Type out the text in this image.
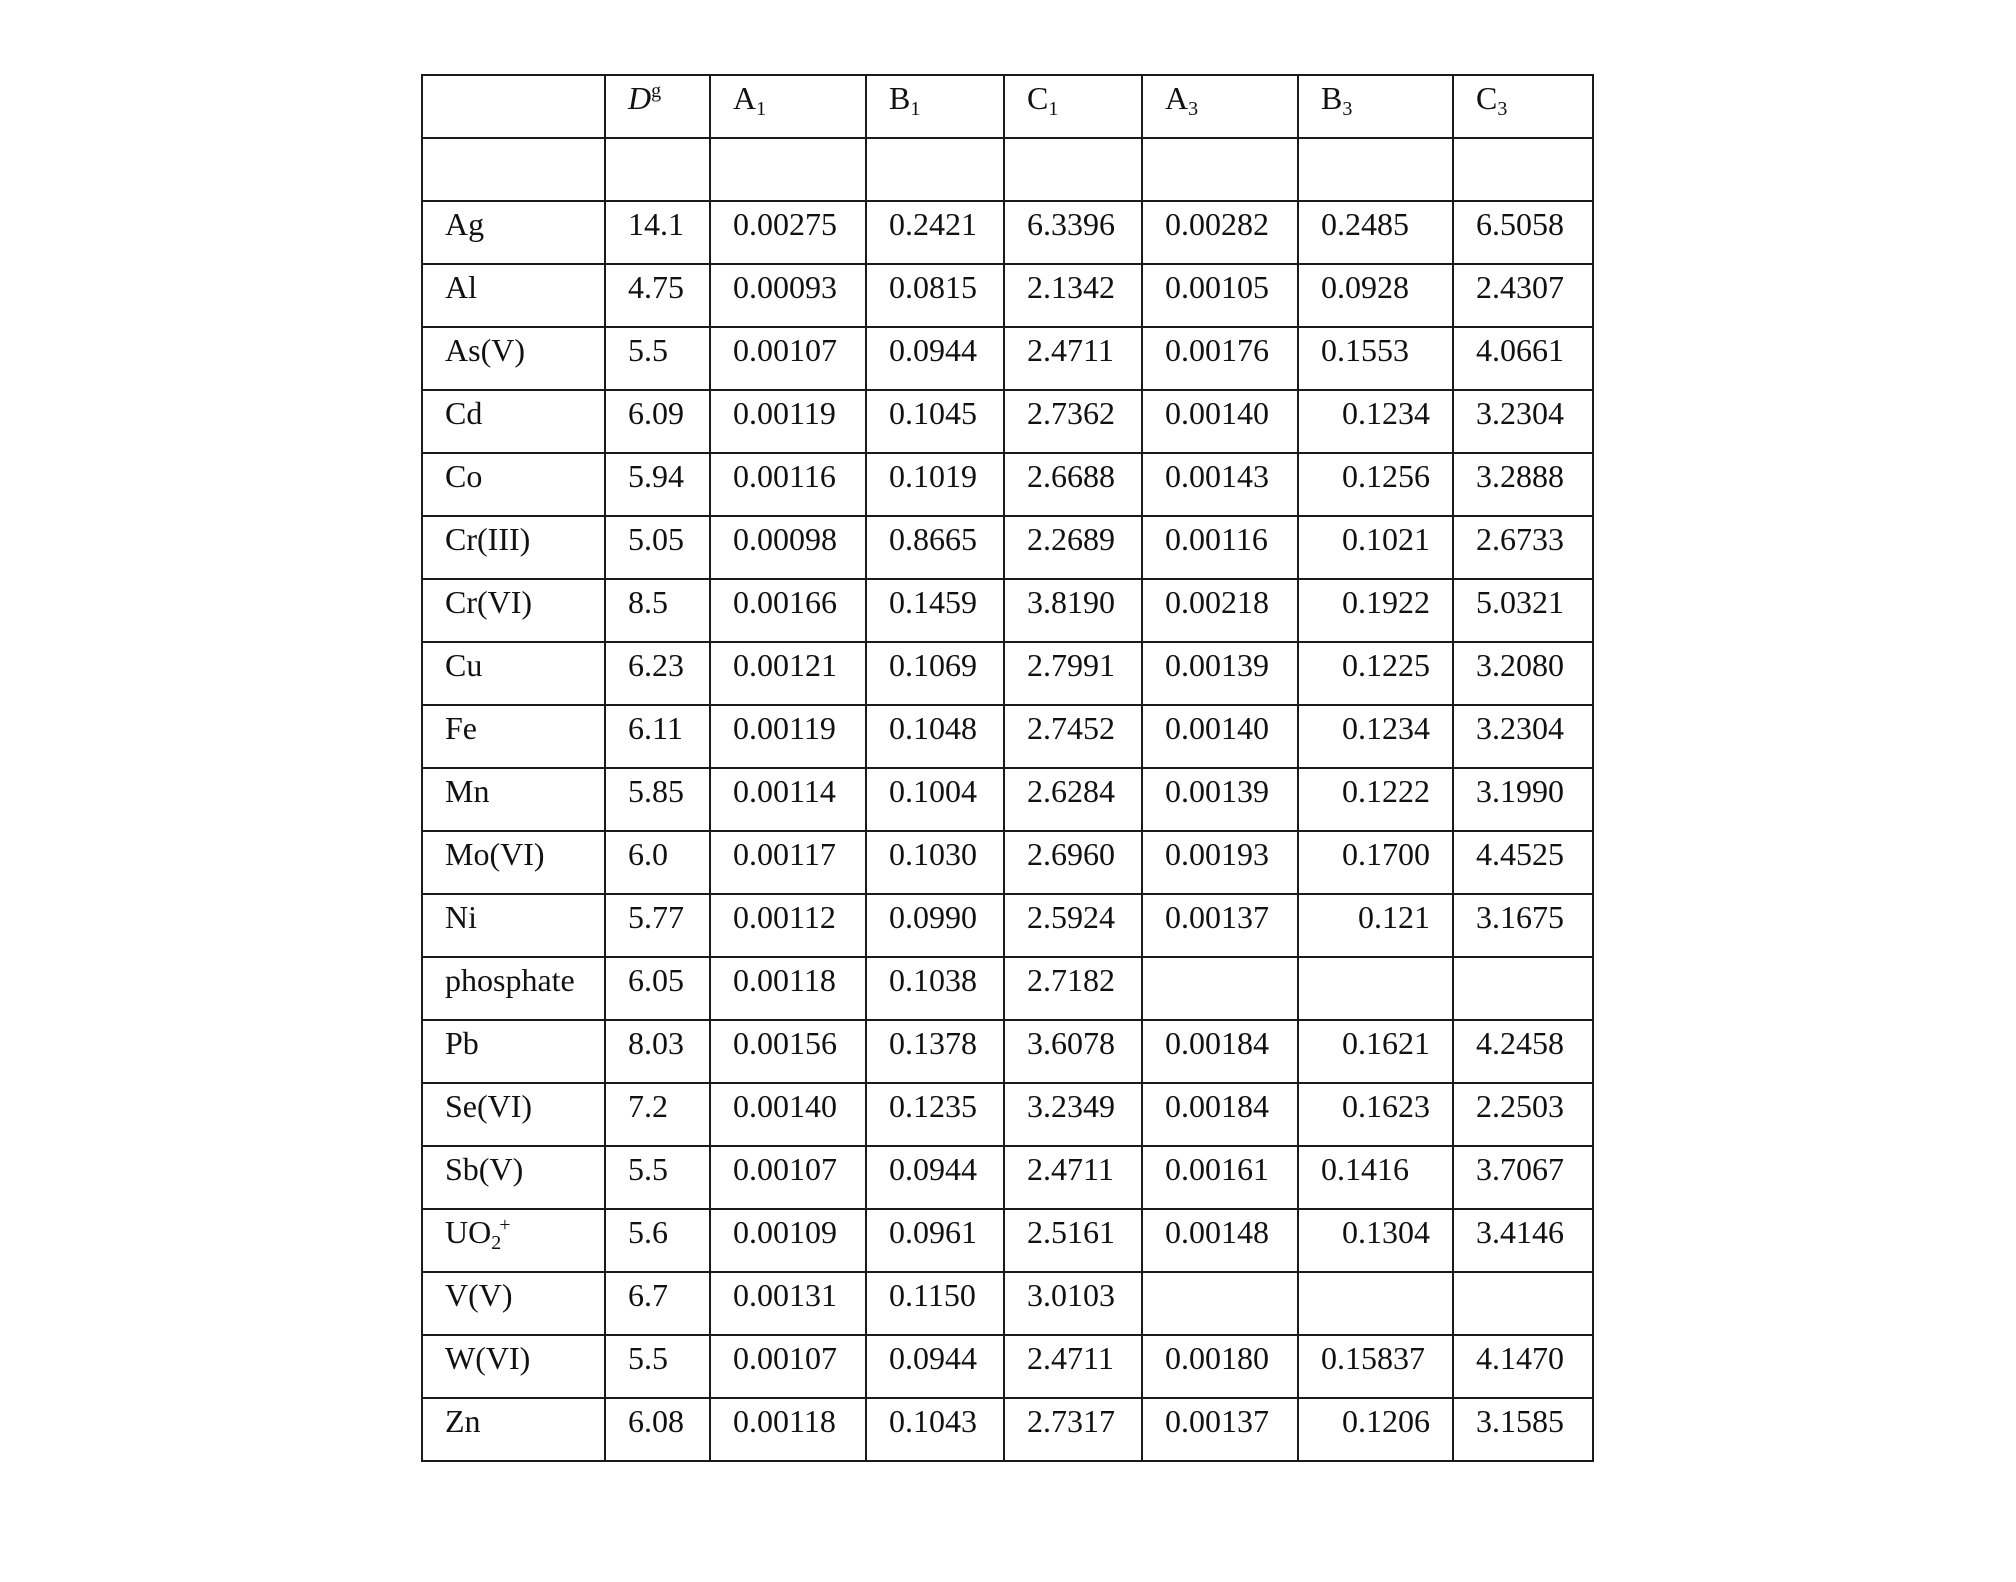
	$D^g$	$A_1$	$B_1$	$C_1$	$A_3$	$B_3$	$C_3$

Ag	14.1	0.00275	0.2421	6.3396	0.00282	0.2485	6.5058
Al	4.75	0.00093	0.0815	2.1342	0.00105	0.0928	2.4307
As(V)	5.5	0.00107	0.0944	2.4711	0.00176	0.1553	4.0661
Cd	6.09	0.00119	0.1045	2.7362	0.00140	0.1234	3.2304
Co	5.94	0.00116	0.1019	2.6688	0.00143	0.1256	3.2888
Cr(III)	5.05	0.00098	0.8665	2.2689	0.00116	0.1021	2.6733
Cr(VI)	8.5	0.00166	0.1459	3.8190	0.00218	0.1922	5.0321
Cu	6.23	0.00121	0.1069	2.7991	0.00139	0.1225	3.2080
Fe	6.11	0.00119	0.1048	2.7452	0.00140	0.1234	3.2304
Mn	5.85	0.00114	0.1004	2.6284	0.00139	0.1222	3.1990
Mo(VI)	6.0	0.00117	0.1030	2.6960	0.00193	0.1700	4.4525
Ni	5.77	0.00112	0.0990	2.5924	0.00137	0.121	3.1675
phosphate	6.05	0.00118	0.1038	2.7182			
Pb	8.03	0.00156	0.1378	3.6078	0.00184	0.1621	4.2458
Se(VI)	7.2	0.00140	0.1235	3.2349	0.00184	0.1623	2.2503
Sb(V)	5.5	0.00107	0.0944	2.4711	0.00161	0.1416	3.7067
$UO_2^+$	5.6	0.00109	0.0961	2.5161	0.00148	0.1304	3.4146
V(V)	6.7	0.00131	0.1150	3.0103			
W(VI)	5.5	0.00107	0.0944	2.4711	0.00180	0.15837	4.1470
Zn	6.08	0.00118	0.1043	2.7317	0.00137	0.1206	3.1585
